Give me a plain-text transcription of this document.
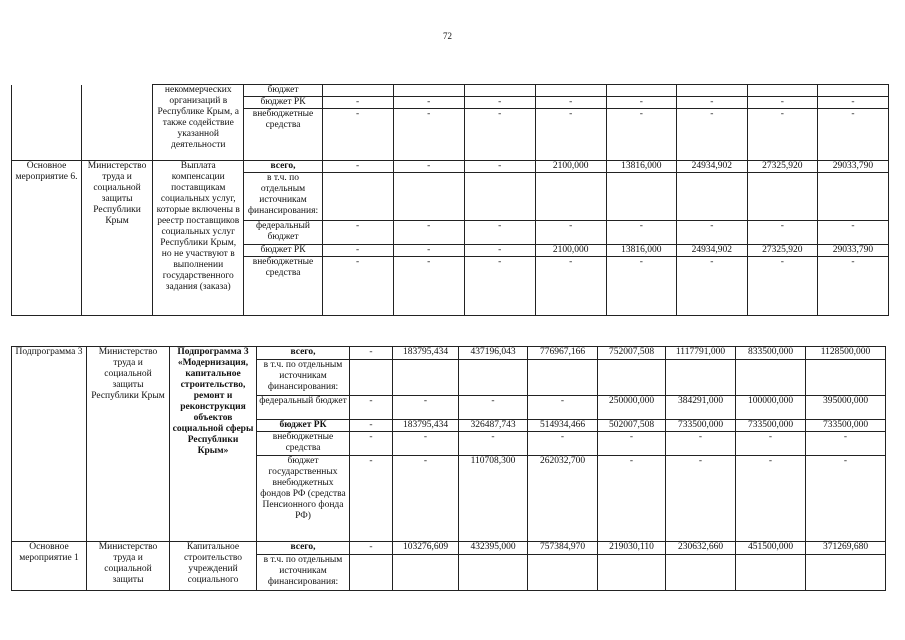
72
		некоммерческих организаций в Республике Крым, а также содействие указанной деятельности	бюджет								
			бюджет РК	-	-	-	-	-	-	-	-
			внебюджетные средства	-	-	-	-	-	-	-	-
Основное мероприятие 6.	Министерство труда и социальной защиты Республики Крым	Выплата компенсации поставщикам социальных услуг, которые включены в реестр поставщиков социальных услуг Республики Крым, но не участвуют в выполнении государственного задания (заказа)	всего,	-	-	-	2100,000	13816,000	24934,902	27325,920	29033,790
			в т.ч. по отдельным источникам финансирования:								
			федеральный бюджет	-	-	-	-	-	-	-	-
			бюджет РК	-	-	-	2100,000	13816,000	24934,902	27325,920	29033,790
			внебюджетные средства	-	-	-	-	-	-	-	-
Подпрограмма 3	Министерство труда и социальной защиты Республики Крым	Подпрограмма 3 «Модернизация, капитальное строительство, ремонт и реконструкция объектов социальной сферы Республики Крым»	всего,	-	183795,434	437196,043	776967,166	752007,508	1117791,000	833500,000	1128500,000
			в т.ч. по отдельным источникам финансирования:								
			федеральный бюджет	-	-	-	-	250000,000	384291,000	100000,000	395000,000
			бюджет РК	-	183795,434	326487,743	514934,466	502007,508	733500,000	733500,000	733500,000
			внебюджетные средства	-	-	-	-	-	-	-	-
			бюджет государственных внебюджетных фондов РФ (средства Пенсионного фонда РФ)	-	-	110708,300	262032,700	-	-	-	-
Основное мероприятие 1	Министерство труда и социальной защиты	Капитальное строительство учреждений социального	всего,	-	103276,609	432395,000	757384,970	219030,110	230632,660	451500,000	371269,680
			в т.ч. по отдельным источникам финансирования:								
